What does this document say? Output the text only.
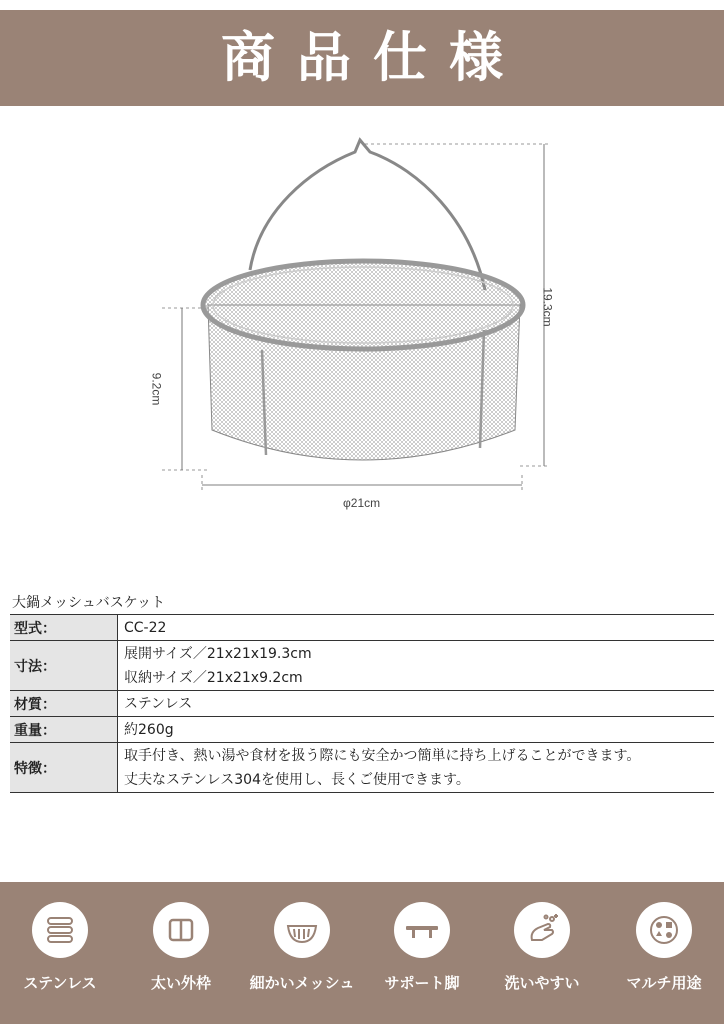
商品仕様
19.3cm
9.2cm
φ21cm
大鍋メッシュバスケット
型式：	CC-22

寸法：	展開サイズ／21x21x19.3cm
収納サイズ／21x21x9.2cm

材質：	ステンレス

重量：	約260g

特徴：	取手付き、熱い湯や食材を扱う際にも安全かつ簡単に持ち上げることができます。
丈夫なステンレス304を使用し、長くご使用できます。
ステンレス	太い外枠	細かいメッシュ	サポート脚	洗いやすい	マルチ用途
